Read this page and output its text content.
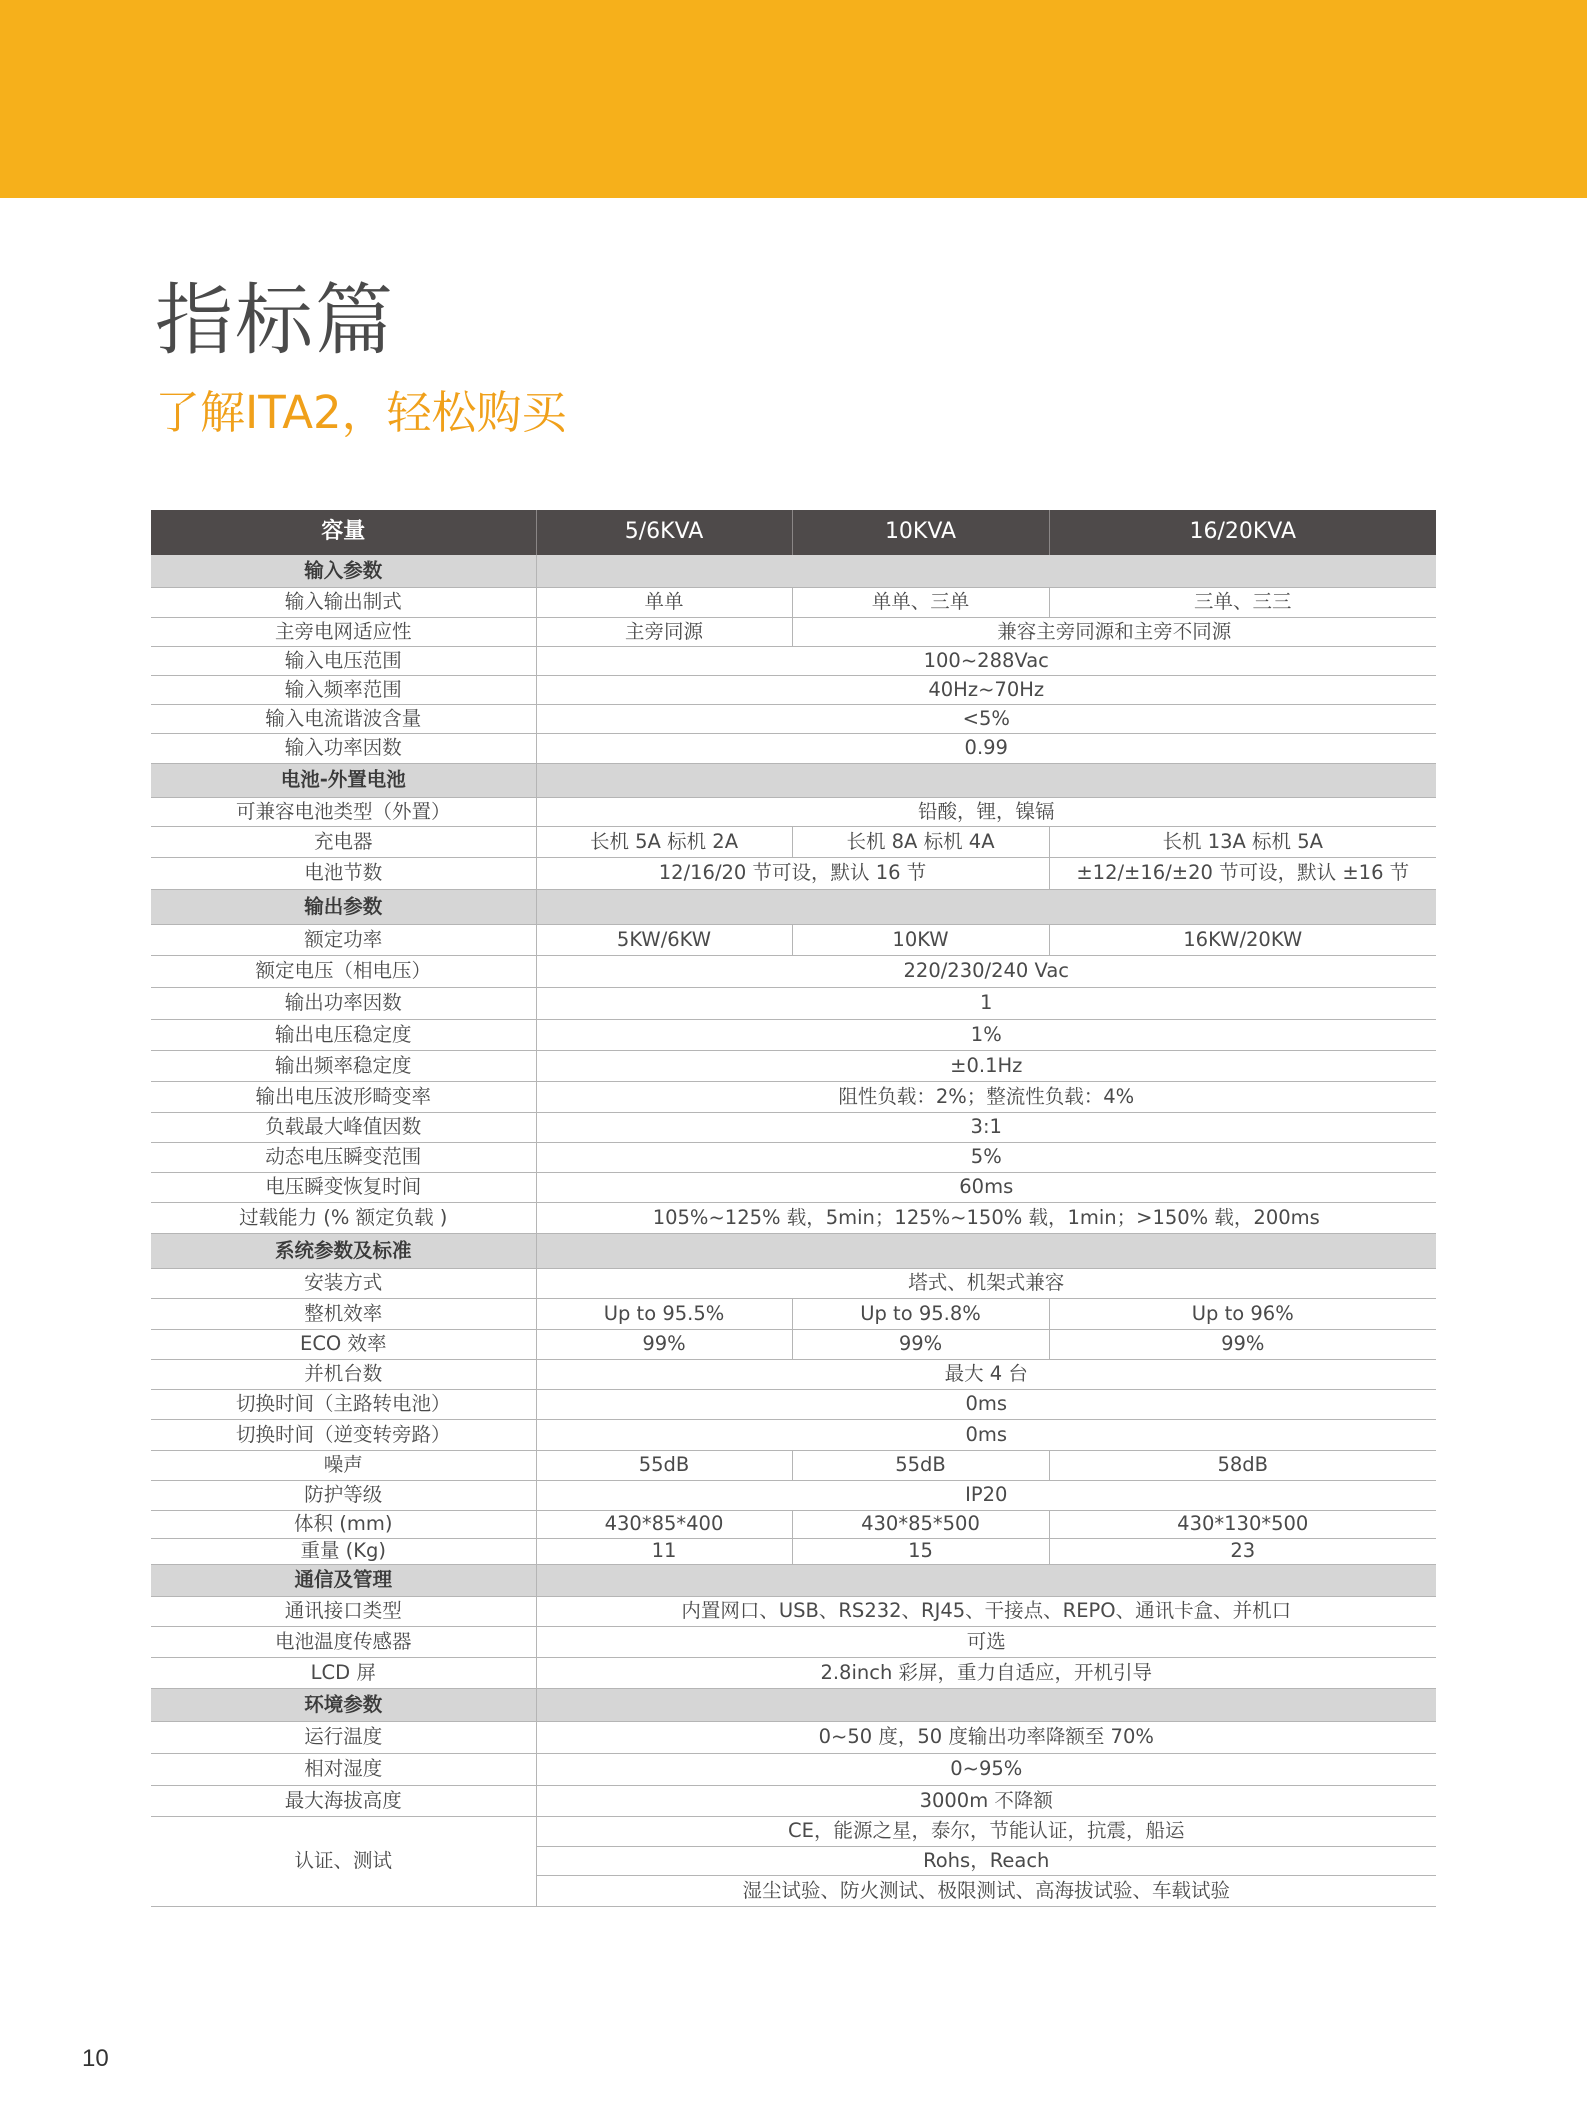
指标篇
了解ITA2，轻松购买
容量	5/6KVA	10KVA	16/20KVA
输入参数			
输入输出制式	单单	单单、三单	三单、三三
主旁电网适应性	主旁同源	兼容主旁同源和主旁不同源	
输入电压范围	100~288Vac		
输入频率范围	40Hz~70Hz		
输入电流谐波含量	<5%		
输入功率因数	0.99		
电池-外置电池			
可兼容电池类型（外置）	铅酸，锂，镍镉		
充电器	长机 5A 标机 2A	长机 8A 标机 4A	长机 13A 标机 5A
电池节数	12/16/20 节可设，默认 16 节		±12/±16/±20 节可设，默认 ±16 节
输出参数			
额定功率	5KW/6KW	10KW	16KW/20KW
额定电压（相电压）	220/230/240 Vac		
输出功率因数	1		
输出电压稳定度	1%		
输出频率稳定度	±0.1Hz		
输出电压波形畸变率	阻性负载：2%；整流性负载：4%		
负载最大峰值因数	3:1		
动态电压瞬变范围	5%		
电压瞬变恢复时间	60ms		
过载能力 (% 额定负载 )	105%~125% 载，5min；125%~150% 载，1min；>150% 载，200ms		
系统参数及标准			
安装方式	塔式、机架式兼容		
整机效率	Up to 95.5%	Up to 95.8%	Up to 96%
ECO 效率	99%	99%	99%
并机台数	最大 4 台		
切换时间（主路转电池）	0ms		
切换时间（逆变转旁路）	0ms		
噪声	55dB	55dB	58dB
防护等级	IP20		
体积 (mm)	430*85*400	430*85*500	430*130*500
重量 (Kg)	11	15	23
通信及管理			
通讯接口类型	内置网口、USB、RS232、RJ45、干接点、REPO、通讯卡盒、并机口		
电池温度传感器	可选		
LCD 屏	2.8inch 彩屏，重力自适应，开机引导		
环境参数			
运行温度	0~50 度，50 度输出功率降额至 70%		
相对湿度	0~95%		
最大海拔高度	3000m 不降额		
认证、测试	CE，能源之星，泰尔，节能认证，抗震，船运		
	Rohs，Reach		
	湿尘试验、防火测试、极限测试、高海拔试验、车载试验		
10
